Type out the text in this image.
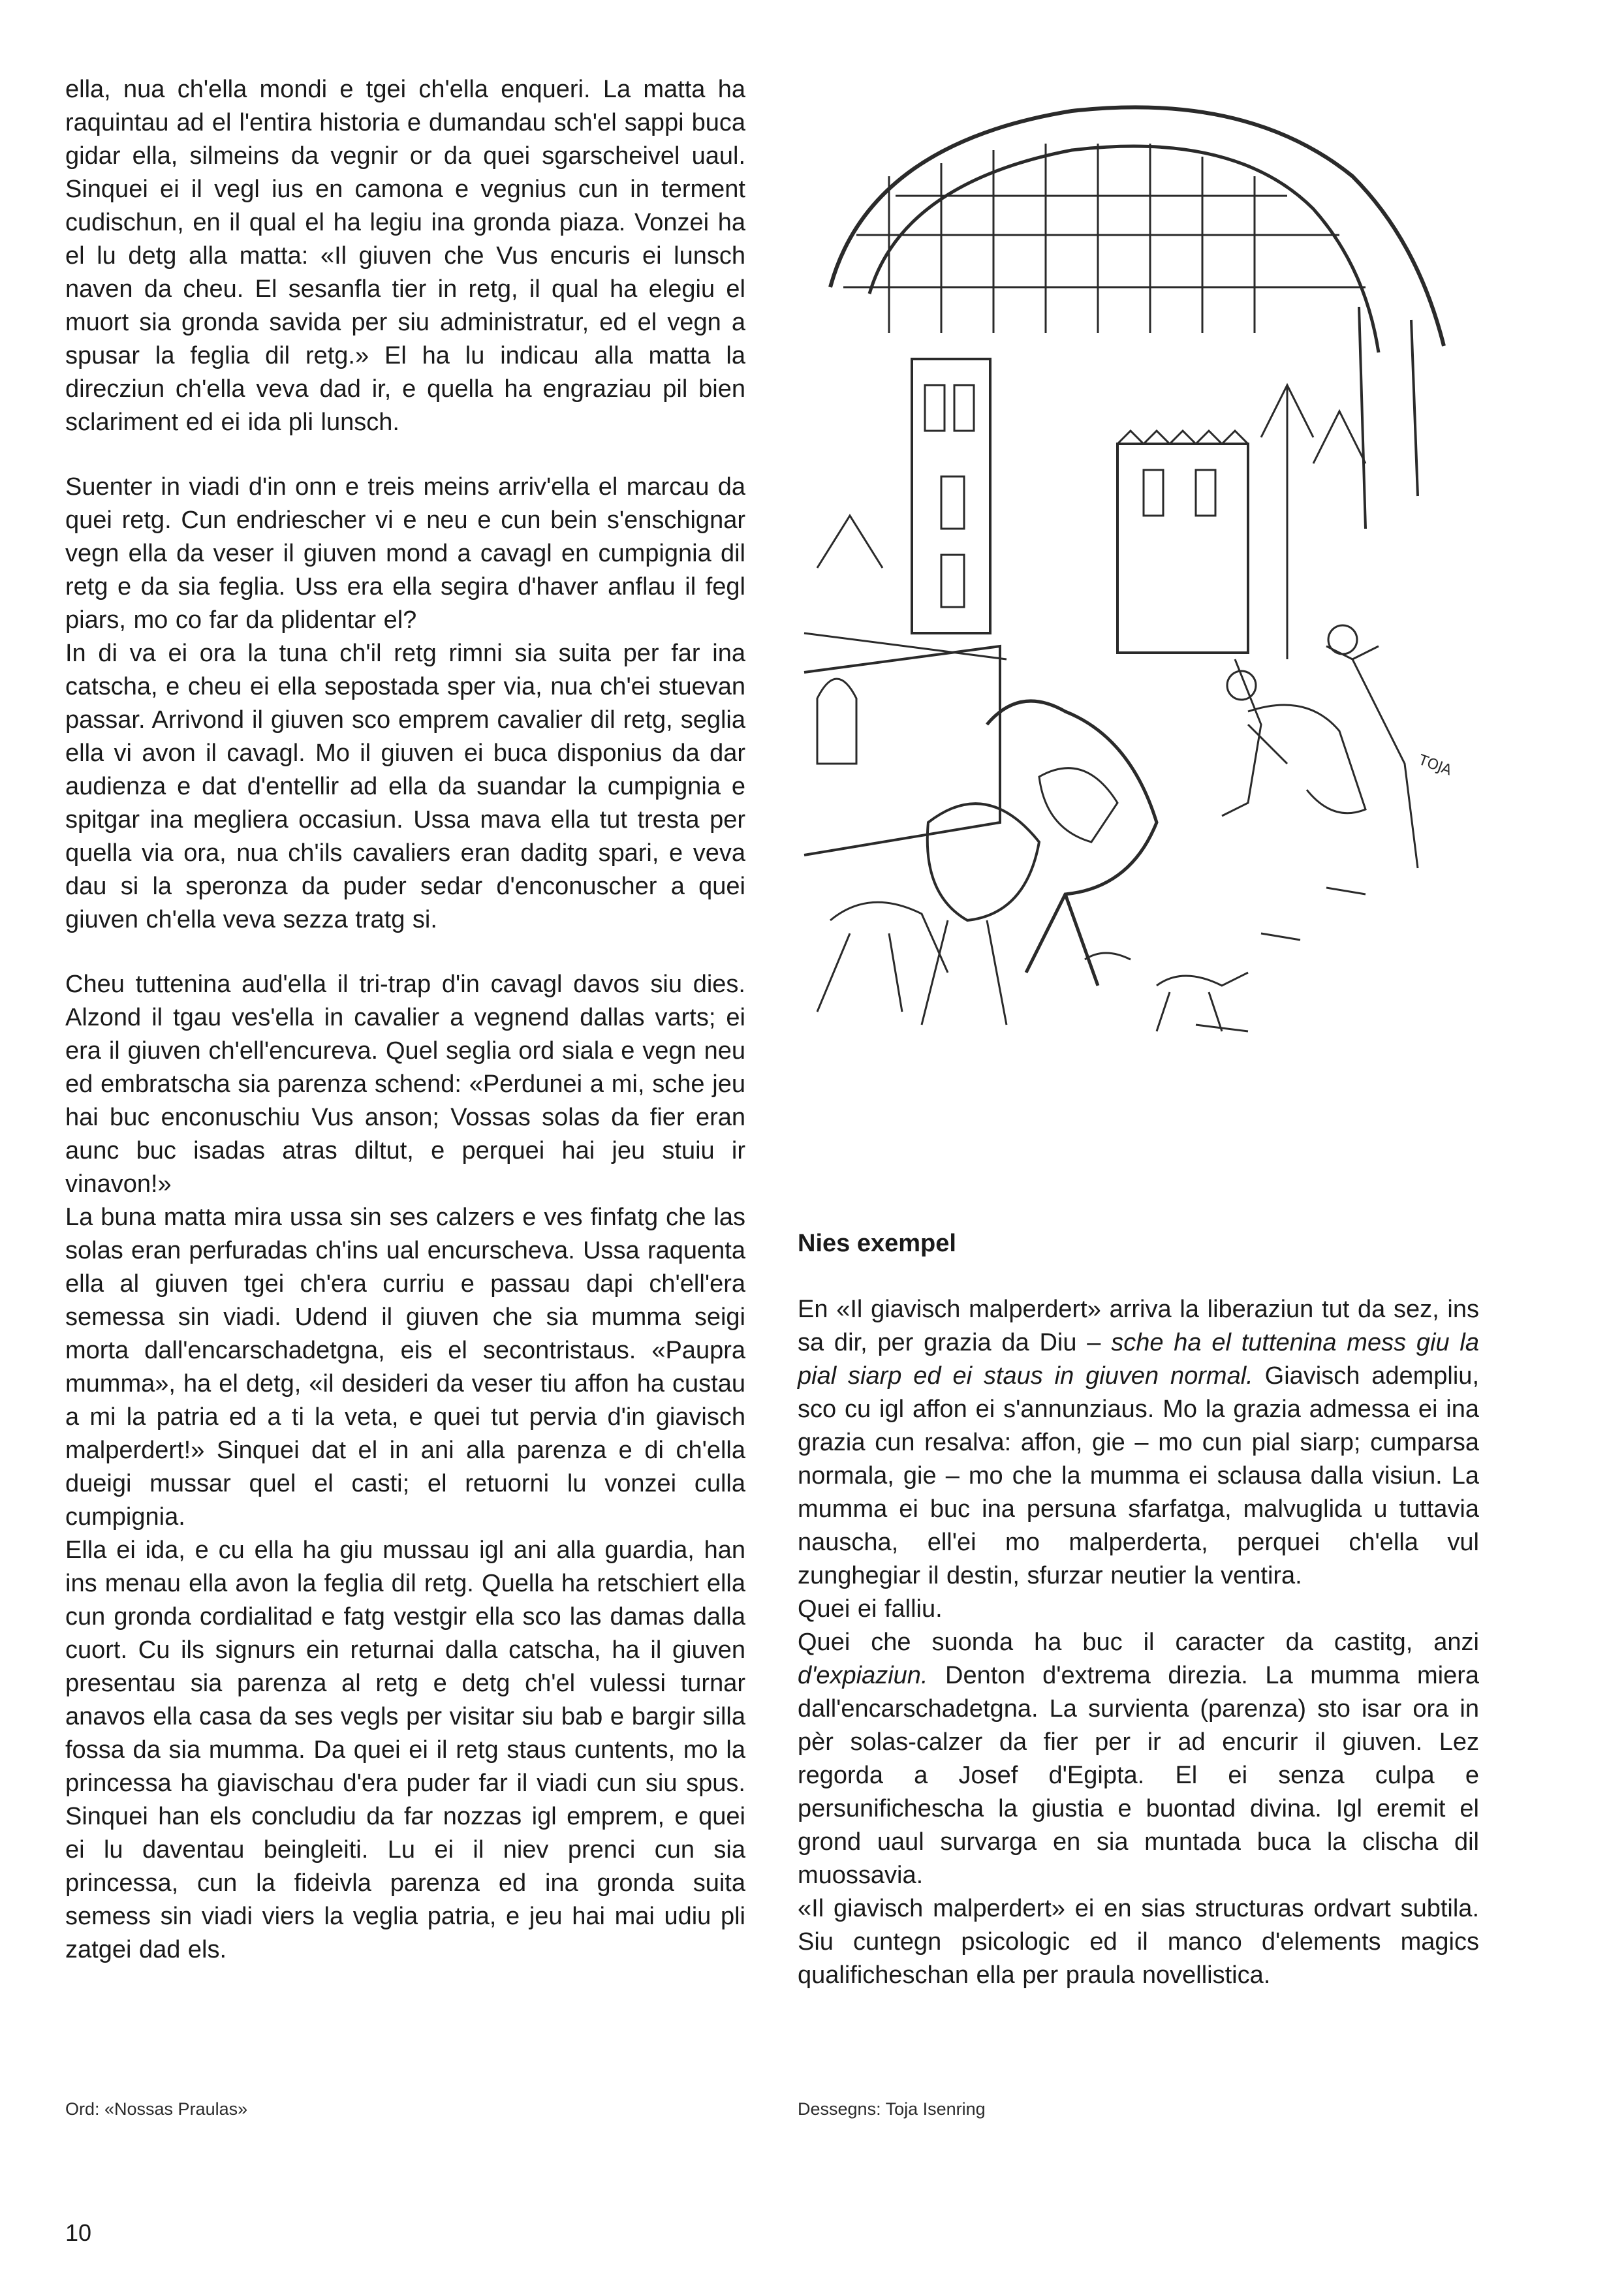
ella, nua ch'ella mondi e tgei ch'ella enqueri. La matta ha raquintau ad el l'entira historia e dumandau sch'el sappi buca gidar ella, silmeins da vegnir or da quei sgarscheivel uaul. Sinquei ei il vegl ius en camona e vegnius cun in terment cudischun, en il qual el ha legiu ina gronda piaza. Vonzei ha el lu detg alla matta: «Il giuven che Vus encuris ei lunsch naven da cheu. El sesanfla tier in retg, il qual ha elegiu el muort sia gronda savida per siu administratur, ed el vegn a spusar la feglia dil retg.» El ha lu indicau alla matta la direcziun ch'ella veva dad ir, e quella ha engraziau pil bien sclariment ed ei ida pli lunsch.

Suenter in viadi d'in onn e treis meins arriv'ella el marcau da quei retg. Cun endriescher vi e neu e cun bein s'enschignar vegn ella da veser il giuven mond a cavagl en cumpignia dil retg e da sia feglia. Uss era ella segira d'haver anflau il fegl piars, mo co far da plidentar el?

In di va ei ora la tuna ch'il retg rimni sia suita per far ina catscha, e cheu ei ella sepostada sper via, nua ch'ei stuevan passar. Arrivond il giuven sco emprem cavalier dil retg, seglia ella vi avon il cavagl. Mo il giuven ei buca disponius da dar audienza e dat d'entellir ad ella da suandar la cumpignia e spitgar ina megliera occasiun. Ussa mava ella tut tresta per quella via ora, nua ch'ils cavaliers eran daditg spari, e veva dau si la speronza da puder sedar d'enconuscher a quei giuven ch'ella veva sezza tratg si.

Cheu tuttenina aud'ella il tri-trap d'in cavagl davos siu dies. Alzond il tgau ves'ella in cavalier a vegnend dallas varts; ei era il giuven ch'ell'encureva. Quel seglia ord siala e vegn neu ed embratscha sia parenza schend: «Perdunei a mi, sche jeu hai buc enconuschiu Vus anson; Vossas solas da fier eran aunc buc isadas atras diltut, e perquei hai jeu stuiu ir vinavon!»

La buna matta mira ussa sin ses calzers e ves finfatg che las solas eran perfuradas ch'ins ual encurscheva. Ussa raquenta ella al giuven tgei ch'era curriu e passau dapi ch'ell'era semessa sin viadi. Udend il giuven che sia mumma seigi morta dall'encarschadetgna, eis el secontristaus. «Paupra mumma», ha el detg, «il desideri da veser tiu affon ha custau a mi la patria ed a ti la veta, e quei tut pervia d'in giavisch malperdert!» Sinquei dat el in ani alla parenza e di ch'ella dueigi mussar quel el casti; el retuorni lu vonzei culla cumpignia.

Ella ei ida, e cu ella ha giu mussau igl ani alla guardia, han ins menau ella avon la feglia dil retg. Quella ha retschiert ella cun gronda cordialitad e fatg vestgir ella sco las damas dalla cuort. Cu ils signurs ein returnai dalla catscha, ha il giuven presentau sia parenza al retg e detg ch'el vulessi turnar anavos ella casa da ses vegls per visitar siu bab e bargir silla fossa da sia mumma. Da quei ei il retg staus cuntents, mo la princessa ha giavischau d'era puder far il viadi cun siu spus. Sinquei han els concludiu da far nozzas igl emprem, e quei ei lu daventau beingleiti. Lu ei il niev prenci cun sia princessa, cun la fideivla parenza ed ina gronda suita semess sin viadi viers la veglia patria, e jeu hai mai udiu pli zatgei dad els.

TOJA

Nies exempel

En «Il giavisch malperdert» arriva la liberaziun tut da sez, ins sa dir, per grazia da Diu – sche ha el tuttenina mess giu la pial siarp ed ei staus in giuven normal. Giavisch adempliu, sco cu igl affon ei s'annunziaus. Mo la grazia admessa ei ina grazia cun resalva: affon, gie – mo cun pial siarp; cumparsa normala, gie – mo che la mumma ei sclausa dalla visiun. La mumma ei buc ina persuna sfarfatga, malvuglida u tuttavia nauscha, ell'ei mo malperderta, perquei ch'ella vul zunghegiar il destin, sfurzar neutier la ventira.

Quei ei falliu.

Quei che suonda ha buc il caracter da castitg, anzi d'expiaziun. Denton d'extrema direzia. La mumma miera dall'encarschadetgna. La survienta (parenza) sto isar ora in pèr solas-calzer da fier per ir ad encurir il giuven. Lez regorda a Josef d'Egipta. El ei senza culpa e persunifichescha la giustia e buontad divina. Igl eremit el grond uaul survarga en sia muntada buca la clischa dil muossavia.

«Il giavisch malperdert» ei en sias structuras ordvart subtila. Siu cuntegn psicologic ed il manco d'elements magics qualificheschan ella per praula novellistica.

Ord: «Nossas Praulas»	Dessegns: Toja Isenring
10
